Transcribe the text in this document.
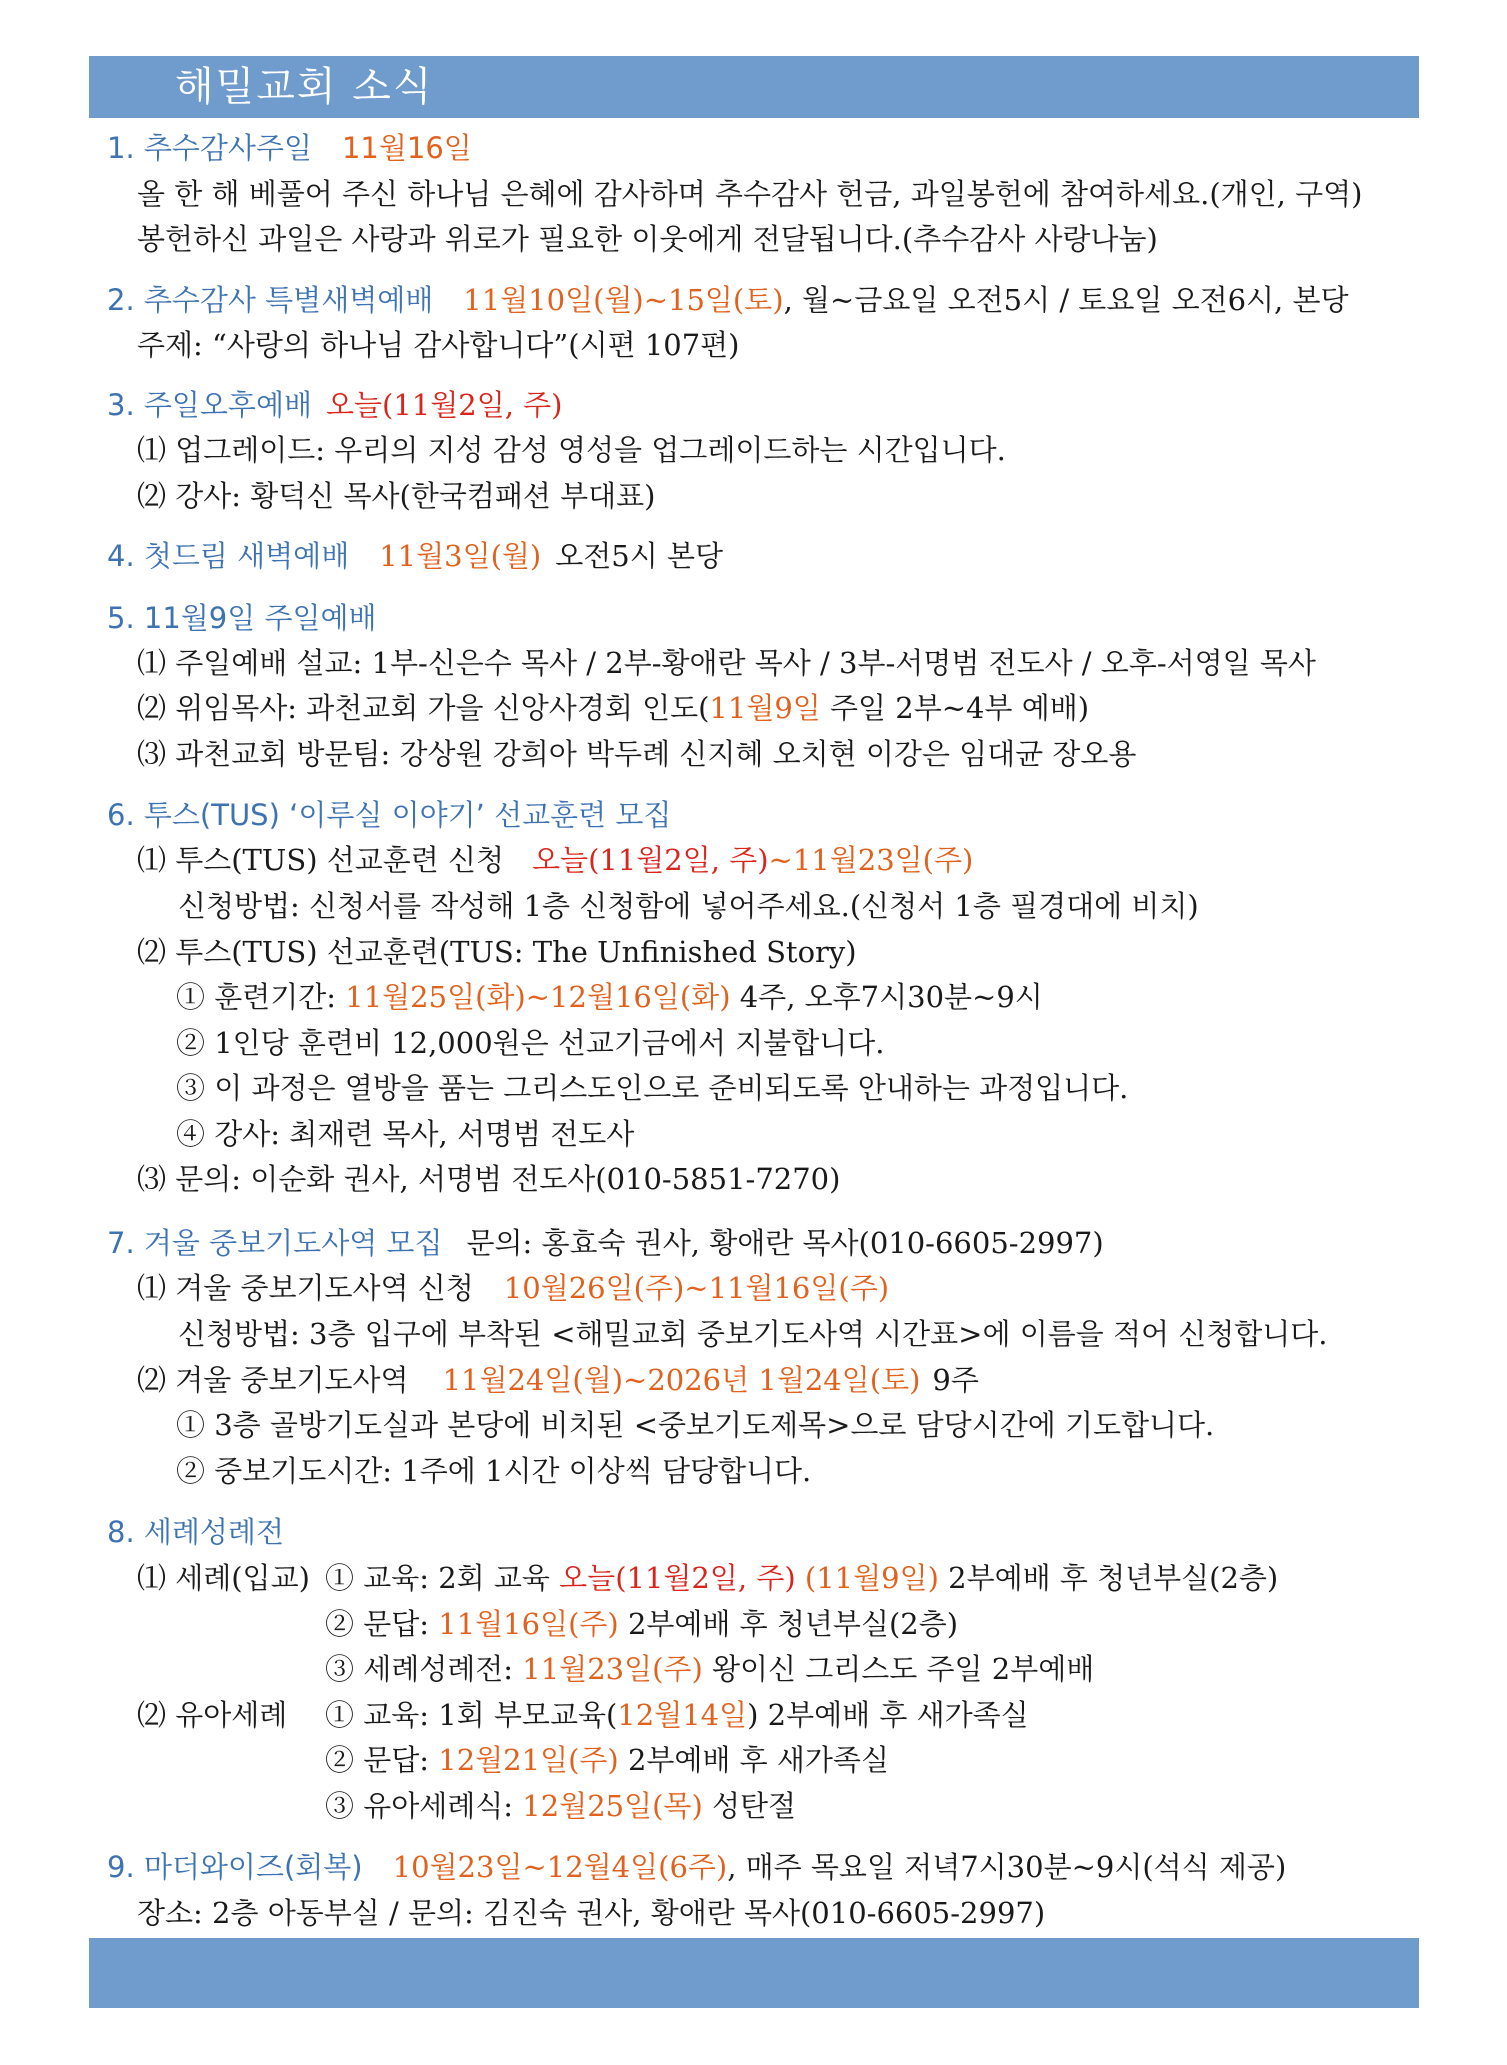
해밀교회 소식
1. 추수감사주일 11월16일
올 한 해 베풀어 주신 하나님 은혜에 감사하며 추수감사 헌금, 과일봉헌에 참여하세요.(개인, 구역)
봉헌하신 과일은 사랑과 위로가 필요한 이웃에게 전달됩니다.(추수감사 사랑나눔)
2. 추수감사 특별새벽예배 11월10일(월)~15일(토), 월~금요일 오전5시 / 토요일 오전6시, 본당
주제: “사랑의 하나님 감사합니다”(시편 107편)
3. 주일오후예배 오늘(11월2일, 주)
⑴ 업그레이드: 우리의 지성 감성 영성을 업그레이드하는 시간입니다.
⑵ 강사: 황덕신 목사(한국컴패션 부대표)
4. 첫드림 새벽예배 11월3일(월) 오전5시 본당
5. 11월9일 주일예배
⑴ 주일예배 설교: 1부-신은수 목사 / 2부-황애란 목사 / 3부-서명범 전도사 / 오후-서영일 목사
⑵ 위임목사: 과천교회 가을 신앙사경회 인도(11월9일 주일 2부~4부 예배)
⑶ 과천교회 방문팀: 강상원 강희아 박두례 신지혜 오치현 이강은 임대균 장오용
6. 투스(TUS) ‘이루실 이야기’ 선교훈련 모집
⑴ 투스(TUS) 선교훈련 신청 오늘(11월2일, 주)~11월23일(주)
신청방법: 신청서를 작성해 1층 신청함에 넣어주세요.(신청서 1층 필경대에 비치)
⑵ 투스(TUS) 선교훈련(TUS: The Unfinished Story)
① 훈련기간: 11월25일(화)~12월16일(화) 4주, 오후7시30분~9시
② 1인당 훈련비 12,000원은 선교기금에서 지불합니다.
③ 이 과정은 열방을 품는 그리스도인으로 준비되도록 안내하는 과정입니다.
④ 강사: 최재련 목사, 서명범 전도사
⑶ 문의: 이순화 권사, 서명범 전도사(010-5851-7270)
7. 겨울 중보기도사역 모집 문의: 홍효숙 권사, 황애란 목사(010-6605-2997)
⑴ 겨울 중보기도사역 신청 10월26일(주)~11월16일(주)
신청방법: 3층 입구에 부착된 <해밀교회 중보기도사역 시간표>에 이름을 적어 신청합니다.
⑵ 겨울 중보기도사역 11월24일(월)~2026년 1월24일(토) 9주
① 3층 골방기도실과 본당에 비치된 <중보기도제목>으로 담당시간에 기도합니다.
② 중보기도시간: 1주에 1시간 이상씩 담당합니다.
8. 세례성례전
⑴ 세례(입교) ① 교육: 2회 교육 오늘(11월2일, 주) (11월9일) 2부예배 후 청년부실(2층)
② 문답: 11월16일(주) 2부예배 후 청년부실(2층)
③ 세례성례전: 11월23일(주) 왕이신 그리스도 주일 2부예배
⑵ 유아세례 ① 교육: 1회 부모교육(12월14일) 2부예배 후 새가족실
② 문답: 12월21일(주) 2부예배 후 새가족실
③ 유아세례식: 12월25일(목) 성탄절
9. 마더와이즈(회복) 10월23일~12월4일(6주), 매주 목요일 저녁7시30분~9시(석식 제공)
장소: 2층 아동부실 / 문의: 김진숙 권사, 황애란 목사(010-6605-2997)
